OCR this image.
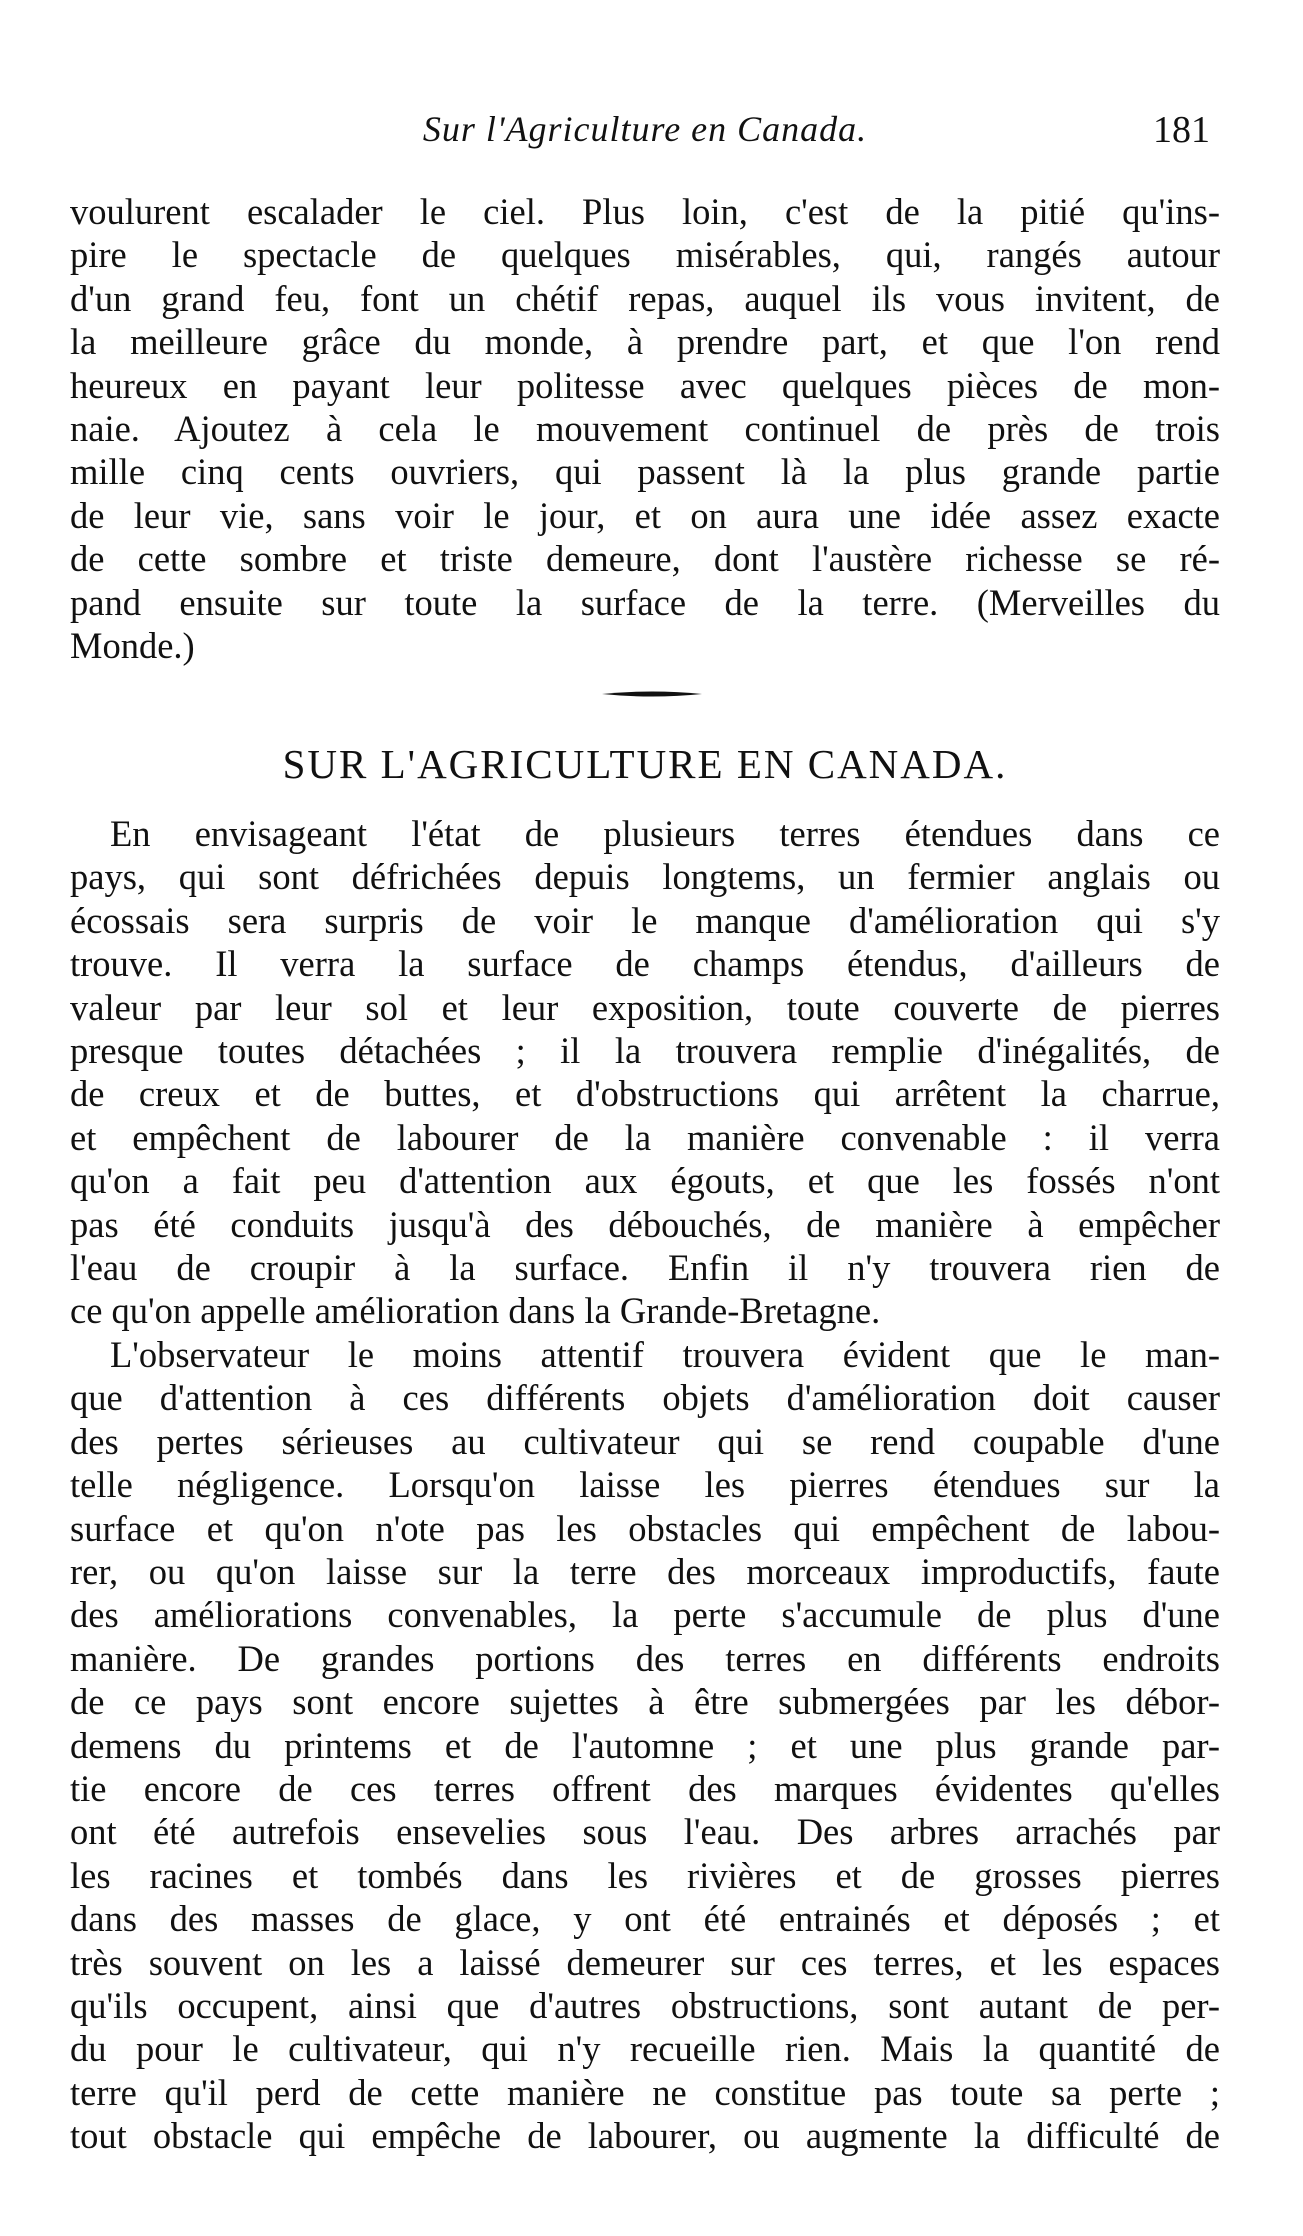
Sur l'Agriculture en Canada.	181
voulurent escalader le ciel. Plus loin, c'est de la pitié qu'ins-
pire le spectacle de quelques misérables, qui, rangés autour
d'un grand feu, font un chétif repas, auquel ils vous invitent, de
la meilleure grâce du monde, à prendre part, et que l'on rend
heureux en payant leur politesse avec quelques pièces de mon-
naie. Ajoutez à cela le mouvement continuel de près de trois
mille cinq cents ouvriers, qui passent là la plus grande partie
de leur vie, sans voir le jour, et on aura une idée assez exacte
de cette sombre et triste demeure, dont l'austère richesse se ré-
pand ensuite sur toute la surface de la terre. (Merveilles du
Monde.)
SUR L'AGRICULTURE EN CANADA.
En envisageant l'état de plusieurs terres étendues dans ce
pays, qui sont défrichées depuis longtems, un fermier anglais ou
écossais sera surpris de voir le manque d'amélioration qui s'y
trouve. Il verra la surface de champs étendus, d'ailleurs de
valeur par leur sol et leur exposition, toute couverte de pierres
presque toutes détachées ; il la trouvera remplie d'inégalités, de
de creux et de buttes, et d'obstructions qui arrêtent la charrue,
et empêchent de labourer de la manière convenable : il verra
qu'on a fait peu d'attention aux égouts, et que les fossés n'ont
pas été conduits jusqu'à des débouchés, de manière à empêcher
l'eau de croupir à la surface. Enfin il n'y trouvera rien de
ce qu'on appelle amélioration dans la Grande-Bretagne.
L'observateur le moins attentif trouvera évident que le man-
que d'attention à ces différents objets d'amélioration doit causer
des pertes sérieuses au cultivateur qui se rend coupable d'une
telle négligence. Lorsqu'on laisse les pierres étendues sur la
surface et qu'on n'ote pas les obstacles qui empêchent de labou-
rer, ou qu'on laisse sur la terre des morceaux improductifs, faute
des améliorations convenables, la perte s'accumule de plus d'une
manière. De grandes portions des terres en différents endroits
de ce pays sont encore sujettes à être submergées par les débor-
demens du printems et de l'automne ; et une plus grande par-
tie encore de ces terres offrent des marques évidentes qu'elles
ont été autrefois ensevelies sous l'eau. Des arbres arrachés par
les racines et tombés dans les rivières et de grosses pierres
dans des masses de glace, y ont été entrainés et déposés ; et
très souvent on les a laissé demeurer sur ces terres, et les espaces
qu'ils occupent, ainsi que d'autres obstructions, sont autant de per-
du pour le cultivateur, qui n'y recueille rien. Mais la quantité de
terre qu'il perd de cette manière ne constitue pas toute sa perte ;
tout obstacle qui empêche de labourer, ou augmente la difficulté de
